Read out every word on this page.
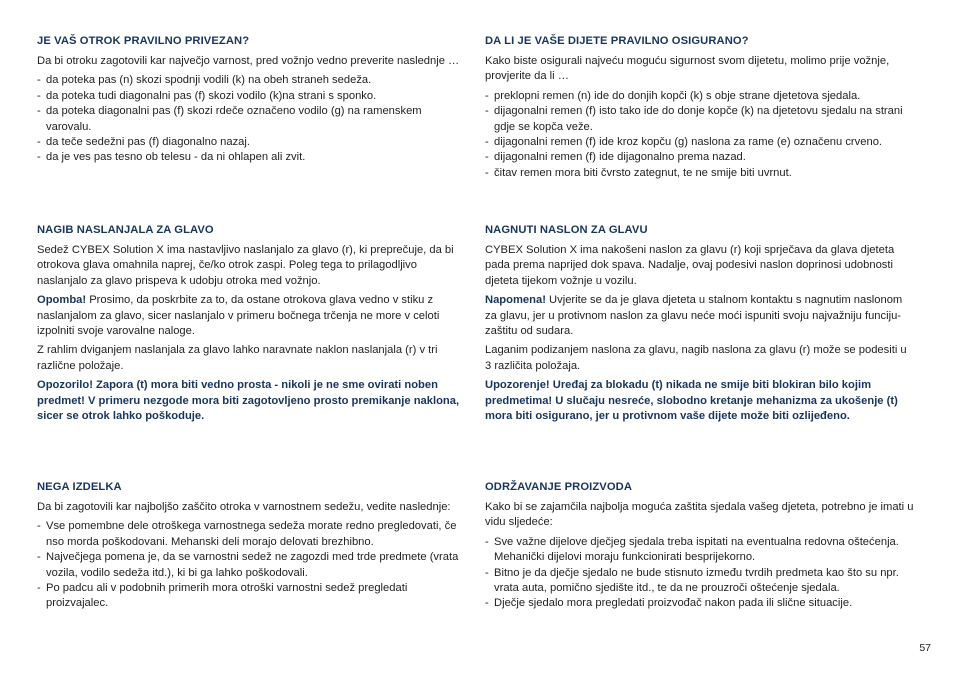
JE VAŠ OTROK PRAVILNO PRIVEZAN?

Da bi otroku zagotovili kar največjo varnost, pred vožnjo vedno preverite naslednje …

- da poteka pas (n) skozi spodnji vodili (k) na obeh straneh sedeža.
- da poteka tudi diagonalni pas (f) skozi vodilo (k)na strani s sponko.
- da poteka diagonalni pas (f) skozi rdeče označeno vodilo (g) na ramenskem varovalu.
- da teče sedežni pas (f) diagonalno nazaj.
- da je ves pas tesno ob telesu - da ni ohlapen ali zvit.
NAGIB NASLANJALA ZA GLAVO

Sedež CYBEX Solution X ima nastavljivo naslanjalo za glavo (r), ki preprečuje, da bi otrokova glava omahnila naprej, če/ko otrok zaspi. Poleg tega to prilagodljivo naslanjalo za glavo prispeva k udobju otroka med vožnjo.

Opomba! Prosimo, da poskrbite za to, da ostane otrokova glava vedno v stiku z naslanjalom za glavo, sicer naslanjalo v primeru bočnega trčenja ne more v celoti izpolniti svoje varovalne naloge.

Z rahlim dviganjem naslanjala za glavo lahko naravnate naklon naslanjala (r) v tri različne položaje.

Opozorilo! Zapora (t) mora biti vedno prosta - nikoli je ne sme ovirati noben predmet! V primeru nezgode mora biti zagotovljeno prosto premikanje naklona, sicer se otrok lahko poškoduje.

NEGA IZDELKA

Da bi zagotovili kar najboljšo zaščito otroka v varnostnem sedežu, vedite naslednje:

- Vse pomembne dele otroškega varnostnega sedeža morate redno pregledovati, če nso morda poškodovani. Mehanski deli morajo delovati brezhibno.
- Največjega pomena je, da se varnostni sedež ne zagozdi med trde predmete (vrata vozila, vodilo sedeža itd.), ki bi ga lahko poškodovali.
- Po padcu ali v podobnih primerih mora otroški varnostni sedež pregledati proizvajalec.
DA LI JE VAŠE DIJETE PRAVILNO OSIGURANO?

Kako biste osigurali najveću moguću sigurnost svom dijetetu, molimo prije vožnje, provjerite da li …

- preklopni remen (n) ide do donjih kopči (k) s obje strane djetetova sjedala.
- dijagonalni remen (f) isto tako ide do donje kopče (k) na djetetovu sjedalu na strani gdje se kopča veže.
- dijagonalni remen (f) ide kroz kopču (g) naslona za rame (e) označenu crveno.
- dijagonalni remen (f) ide dijagonalno prema nazad.
- čitav remen mora biti čvrsto zategnut, te ne smije biti uvrnut.
NAGNUTI NASLON ZA GLAVU

CYBEX Solution X ima nakošeni naslon za glavu (r) koji sprječava da glava djeteta pada prema naprijed dok spava. Nadalje, ovaj podesivi naslon doprinosi udobnosti djeteta tijekom vožnje u vozilu.

Napomena! Uvjerite se da je glava djeteta u stalnom kontaktu s nagnutim naslonom za glavu, jer u protivnom naslon za glavu neće moći ispuniti svoju najvažniju funciju-zaštitu od sudara.

Laganim podizanjem naslona za glavu, nagib naslona za glavu (r) može se podesiti u 3 različita položaja.

Upozorenje! Uređaj za blokadu (t) nikada ne smije biti blokiran bilo kojim predmetima! U slučaju nesreće, slobodno kretanje mehanizma za ukošenje (t) mora biti osigurano, jer u protivnom vaše dijete može biti ozlijeđeno.

ODRŽAVANJE PROIZVODA

Kako bi se zajamčila najbolja moguća zaštita sjedala vašeg djeteta, potrebno je imati u vidu sljedeće:

- Sve važne dijelove dječjeg sjedala treba ispitati na eventualna redovna oštećenja. Mehanički dijelovi moraju funkcionirati besprijekorno.
- Bitno je da dječje sjedalo ne bude stisnuto između tvrdih predmeta kao što su npr. vrata auta, pomično sjedište itd., te da ne prouzroči oštećenje sjedala.
- Dječje sjedalo mora pregledati proizvođač nakon pada ili slične situacije.
57
